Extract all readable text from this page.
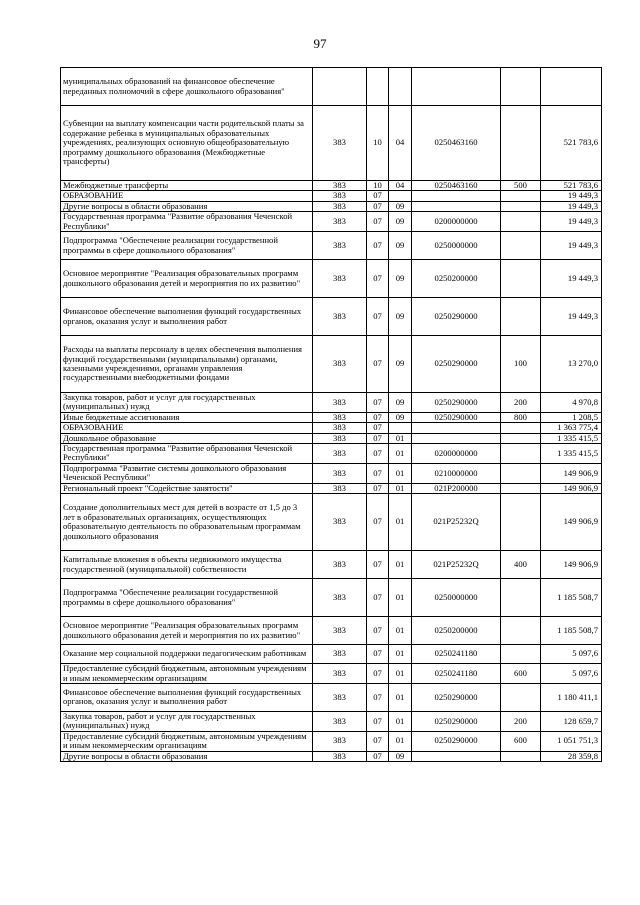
97
муниципальных образований на финансовое обеспечение переданных полномочий в сфере дошкольного образования"						
Субвенции на выплату компенсации части родительской платы за содержание ребенка в муниципальных образовательных учреждениях, реализующих основную общеобразовательную программу дошкольного образования (Межбюджетные трансферты)	383	10	04	0250463160		521 783,6
Межбюджетные трансферты	383	10	04	0250463160	500	521 783,6
ОБРАЗОВАНИЕ	383	07				19 449,3
Другие вопросы в области образования	383	07	09			19 449,3
Государственная программа "Развитие образования Чеченской Республики"	383	07	09	0200000000		19 449,3
Подпрограмма "Обеспечение реализации государственной программы в сфере дошкольного образования"	383	07	09	0250000000		19 449,3
Основное мероприятие "Реализация образовательных программ дошкольного образования детей и мероприятия по их развитию"	383	07	09	0250200000		19 449,3
Финансовое обеспечение выполнения функций государственных органов, оказания услуг и выполнения работ	383	07	09	0250290000		19 449,3
Расходы на выплаты персоналу в целях обеспечения выполнения функций государственными (муниципальными) органами, казенными учреждениями, органами управления государственными внебюджетными фондами	383	07	09	0250290000	100	13 270,0
Закупка товаров, работ и услуг для государственных (муниципальных) нужд	383	07	09	0250290000	200	4 970,8
Иные бюджетные ассигнования	383	07	09	0250290000	800	1 208,5
ОБРАЗОВАНИЕ	383	07				1 363 775,4
Дошкольное образование	383	07	01			1 335 415,5
Государственная программа "Развитие образования Чеченской Республики"	383	07	01	0200000000		1 335 415,5
Подпрограмма "Развитие системы дошкольного образования Чеченской Республики"	383	07	01	0210000000		149 906,9
Региональный проект "Содействие занятости"	383	07	01	021P200000		149 906,9
Создание дополнительных мест для детей в возрасте от 1,5 до 3 лет в образовательных организациях, осуществляющих образовательную деятельность по образовательным программам дошкольного образования	383	07	01	021P25232Q		149 906,9
Капитальные вложения в объекты недвижимого имущества государственной (муниципальной) собственности	383	07	01	021P25232Q	400	149 906,9
Подпрограмма "Обеспечение реализации государственной программы в сфере дошкольного образования"	383	07	01	0250000000		1 185 508,7
Основное мероприятие "Реализация образовательных программ дошкольного образования детей и мероприятия по их развитию"	383	07	01	0250200000		1 185 508,7
Оказание мер социальной поддержки педагогическим работникам	383	07	01	0250241180		5 097,6
Предоставление субсидий бюджетным, автономным учреждениям и иным некоммерческим организациям	383	07	01	0250241180	600	5 097,6
Финансовое обеспечение выполнения функций государственных органов, оказания услуг и выполнения работ	383	07	01	0250290000		1 180 411,1
Закупка товаров, работ и услуг для государственных (муниципальных) нужд	383	07	01	0250290000	200	128 659,7
Предоставление субсидий бюджетным, автономным учреждениям и иным некоммерческим организациям	383	07	01	0250290000	600	1 051 751,3
Другие вопросы в области образования	383	07	09			28 359,8
